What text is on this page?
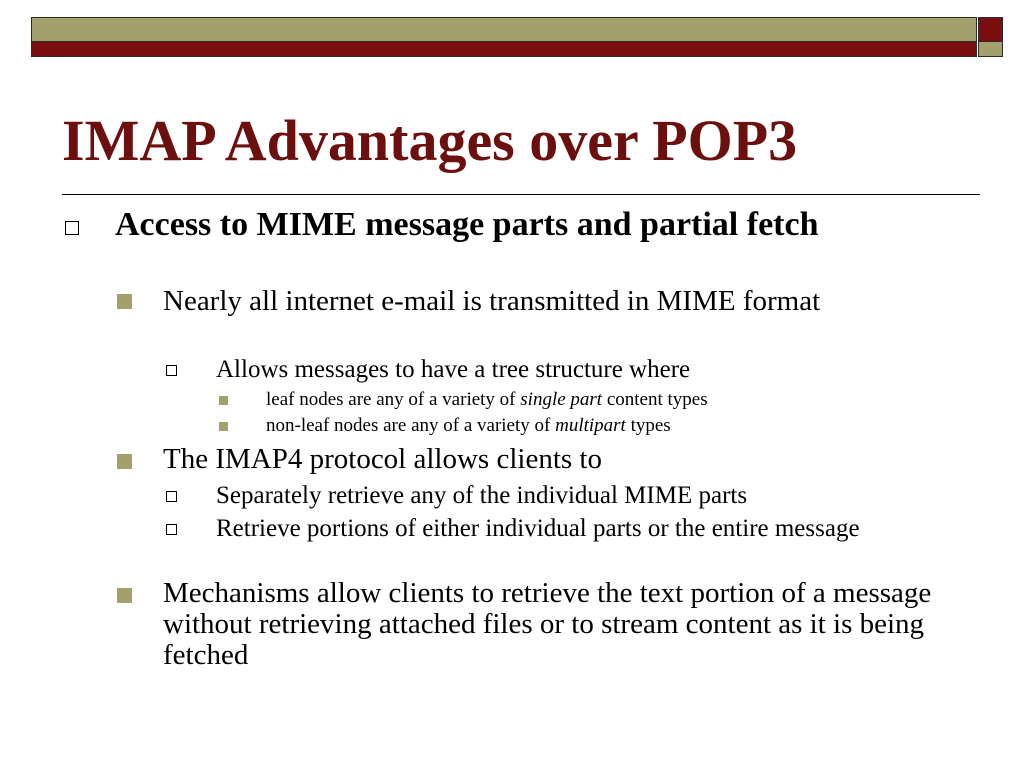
IMAP Advantages over POP3

Access to MIME message parts and partial fetch

Nearly all internet e-mail is transmitted in MIME format

Allows messages to have a tree structure where

leaf nodes are any of a variety of single part content types

non-leaf nodes are any of a variety of multipart types

The IMAP4 protocol allows clients to

Separately retrieve any of the individual MIME parts

Retrieve portions of either individual parts or the entire message

Mechanisms allow clients to retrieve the text portion of a message without retrieving attached files or to stream content as it is being fetched
